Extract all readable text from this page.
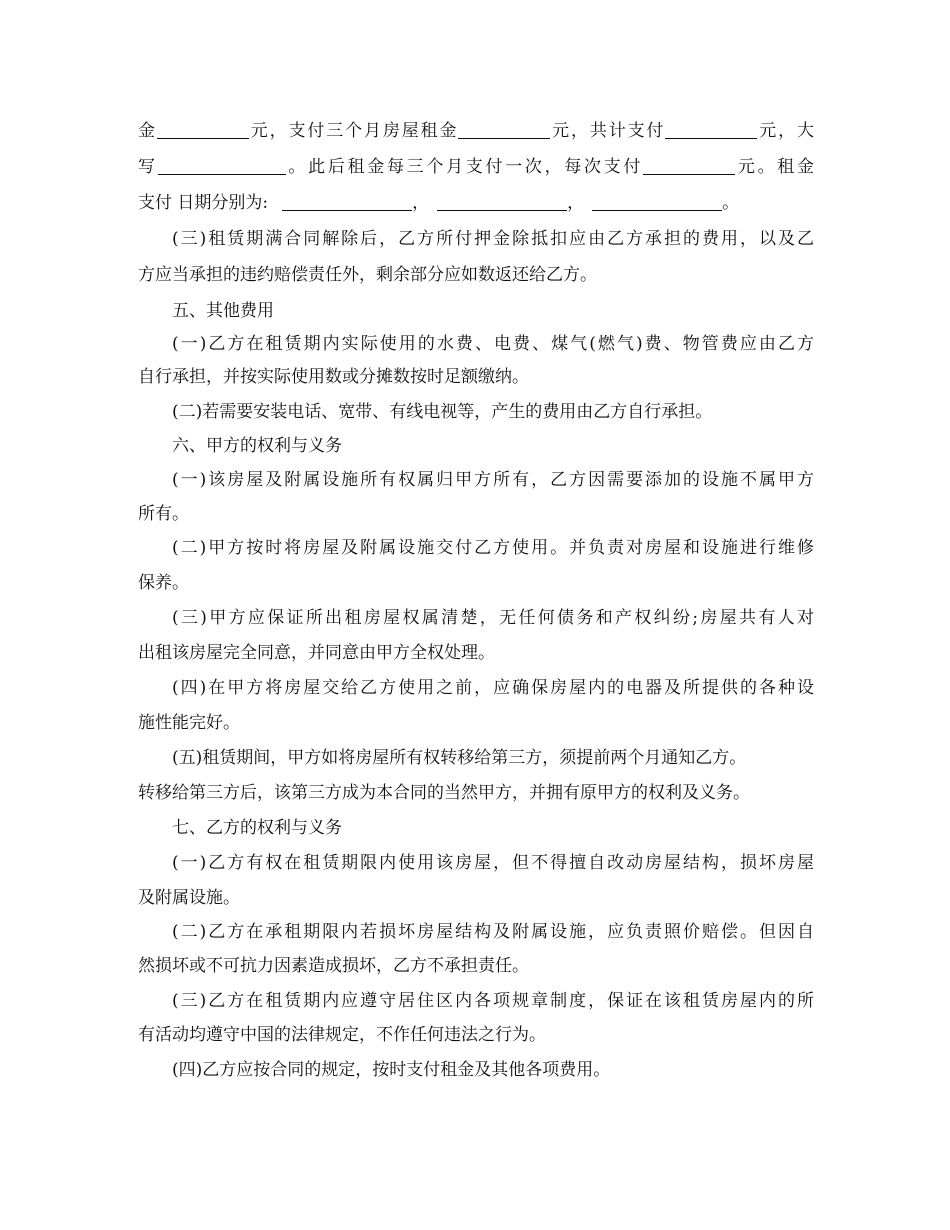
金	元，支付三个月房屋租金	元，共计支付	元，大
写	。此后租金每三个月支付一次，每次支付	元。租金
支付 日期分别为:	，	，	。
(三)租赁期满合同解除后，乙方所付押金除抵扣应由乙方承担的费用，以及乙
方应当承担的违约赔偿责任外，剩余部分应如数返还给乙方。
五、其他费用
(一)乙方在租赁期内实际使用的水费、电费、煤气(燃气)费、物管费应由乙方
自行承担，并按实际使用数或分摊数按时足额缴纳。
(二)若需要安装电话、宽带、有线电视等，产生的费用由乙方自行承担。
六、甲方的权利与义务
(一)该房屋及附属设施所有权属归甲方所有，乙方因需要添加的设施不属甲方
所有。
(二)甲方按时将房屋及附属设施交付乙方使用。并负责对房屋和设施进行维修
保养。
(三)甲方应保证所出租房屋权属清楚，无任何债务和产权纠纷;房屋共有人对
出租该房屋完全同意，并同意由甲方全权处理。
(四)在甲方将房屋交给乙方使用之前，应确保房屋内的电器及所提供的各种设
施性能完好。
(五)租赁期间，甲方如将房屋所有权转移给第三方，须提前两个月通知乙方。
转移给第三方后，该第三方成为本合同的当然甲方，并拥有原甲方的权利及义务。
七、乙方的权利与义务
(一)乙方有权在租赁期限内使用该房屋，但不得擅自改动房屋结构，损坏房屋
及附属设施。
(二)乙方在承租期限内若损坏房屋结构及附属设施，应负责照价赔偿。但因自
然损坏或不可抗力因素造成损坏，乙方不承担责任。
(三)乙方在租赁期内应遵守居住区内各项规章制度，保证在该租赁房屋内的所
有活动均遵守中国的法律规定，不作任何违法之行为。
(四)乙方应按合同的规定，按时支付租金及其他各项费用。
